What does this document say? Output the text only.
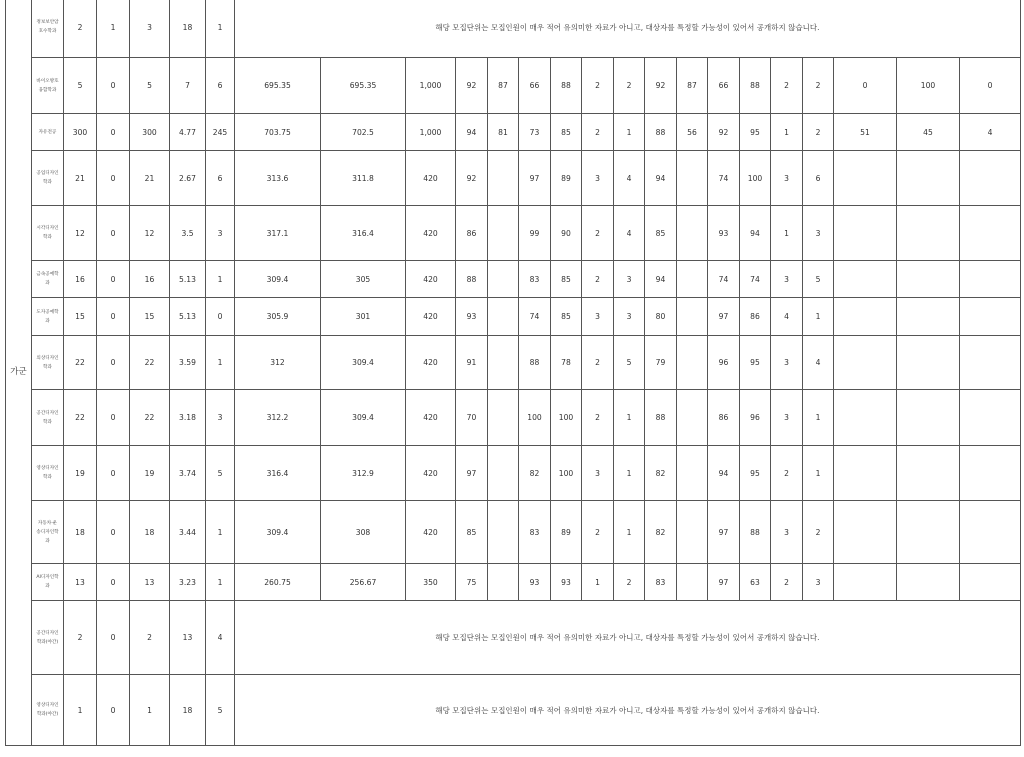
가군	정보보안암호수학과	2	1	3	18	1	해당 모집단위는 모집인원이 매우 적어 유의미한 자료가 아니고, 대상자를 특정할 가능성이 있어서 공개하지 않습니다.																	
	바이오방호융합학과	5	0	5	7	6	695.35	695.35	1,000	92	87	66	88	2	2	92	87	66	88	2	2	0	100	0
	자유전공	300	0	300	4.77	245	703.75	702.5	1,000	94	81	73	85	2	1	88	56	92	95	1	2	51	45	4
	공업디자인학과	21	0	21	2.67	6	313.6	311.8	420	92		97	89	3	4	94		74	100	3	6			
	시각디자인학과	12	0	12	3.5	3	317.1	316.4	420	86		99	90	2	4	85		93	94	1	3			
	금속공예학과	16	0	16	5.13	1	309.4	305	420	88		83	85	2	3	94		74	74	3	5			
	도자공예학과	15	0	15	5.13	0	305.9	301	420	93		74	85	3	3	80		97	86	4	1			
	의상디자인학과	22	0	22	3.59	1	312	309.4	420	91		88	78	2	5	79		96	95	3	4			
	공간디자인학과	22	0	22	3.18	3	312.2	309.4	420	70		100	100	2	1	88		86	96	3	1			
	영상디자인학과	19	0	19	3.74	5	316.4	312.9	420	97		82	100	3	1	82		94	95	2	1			
	자동차·운송디자인학과	18	0	18	3.44	1	309.4	308	420	85		83	89	2	1	82		97	88	3	2			
	AI디자인학과	13	0	13	3.23	1	260.75	256.67	350	75		93	93	1	2	83		97	63	2	3			
	공간디자인학과(야간)	2	0	2	13	4	해당 모집단위는 모집인원이 매우 적어 유의미한 자료가 아니고, 대상자를 특정할 가능성이 있어서 공개하지 않습니다.																	
	영상디자인학과(야간)	1	0	1	18	5	해당 모집단위는 모집인원이 매우 적어 유의미한 자료가 아니고, 대상자를 특정할 가능성이 있어서 공개하지 않습니다.																	
